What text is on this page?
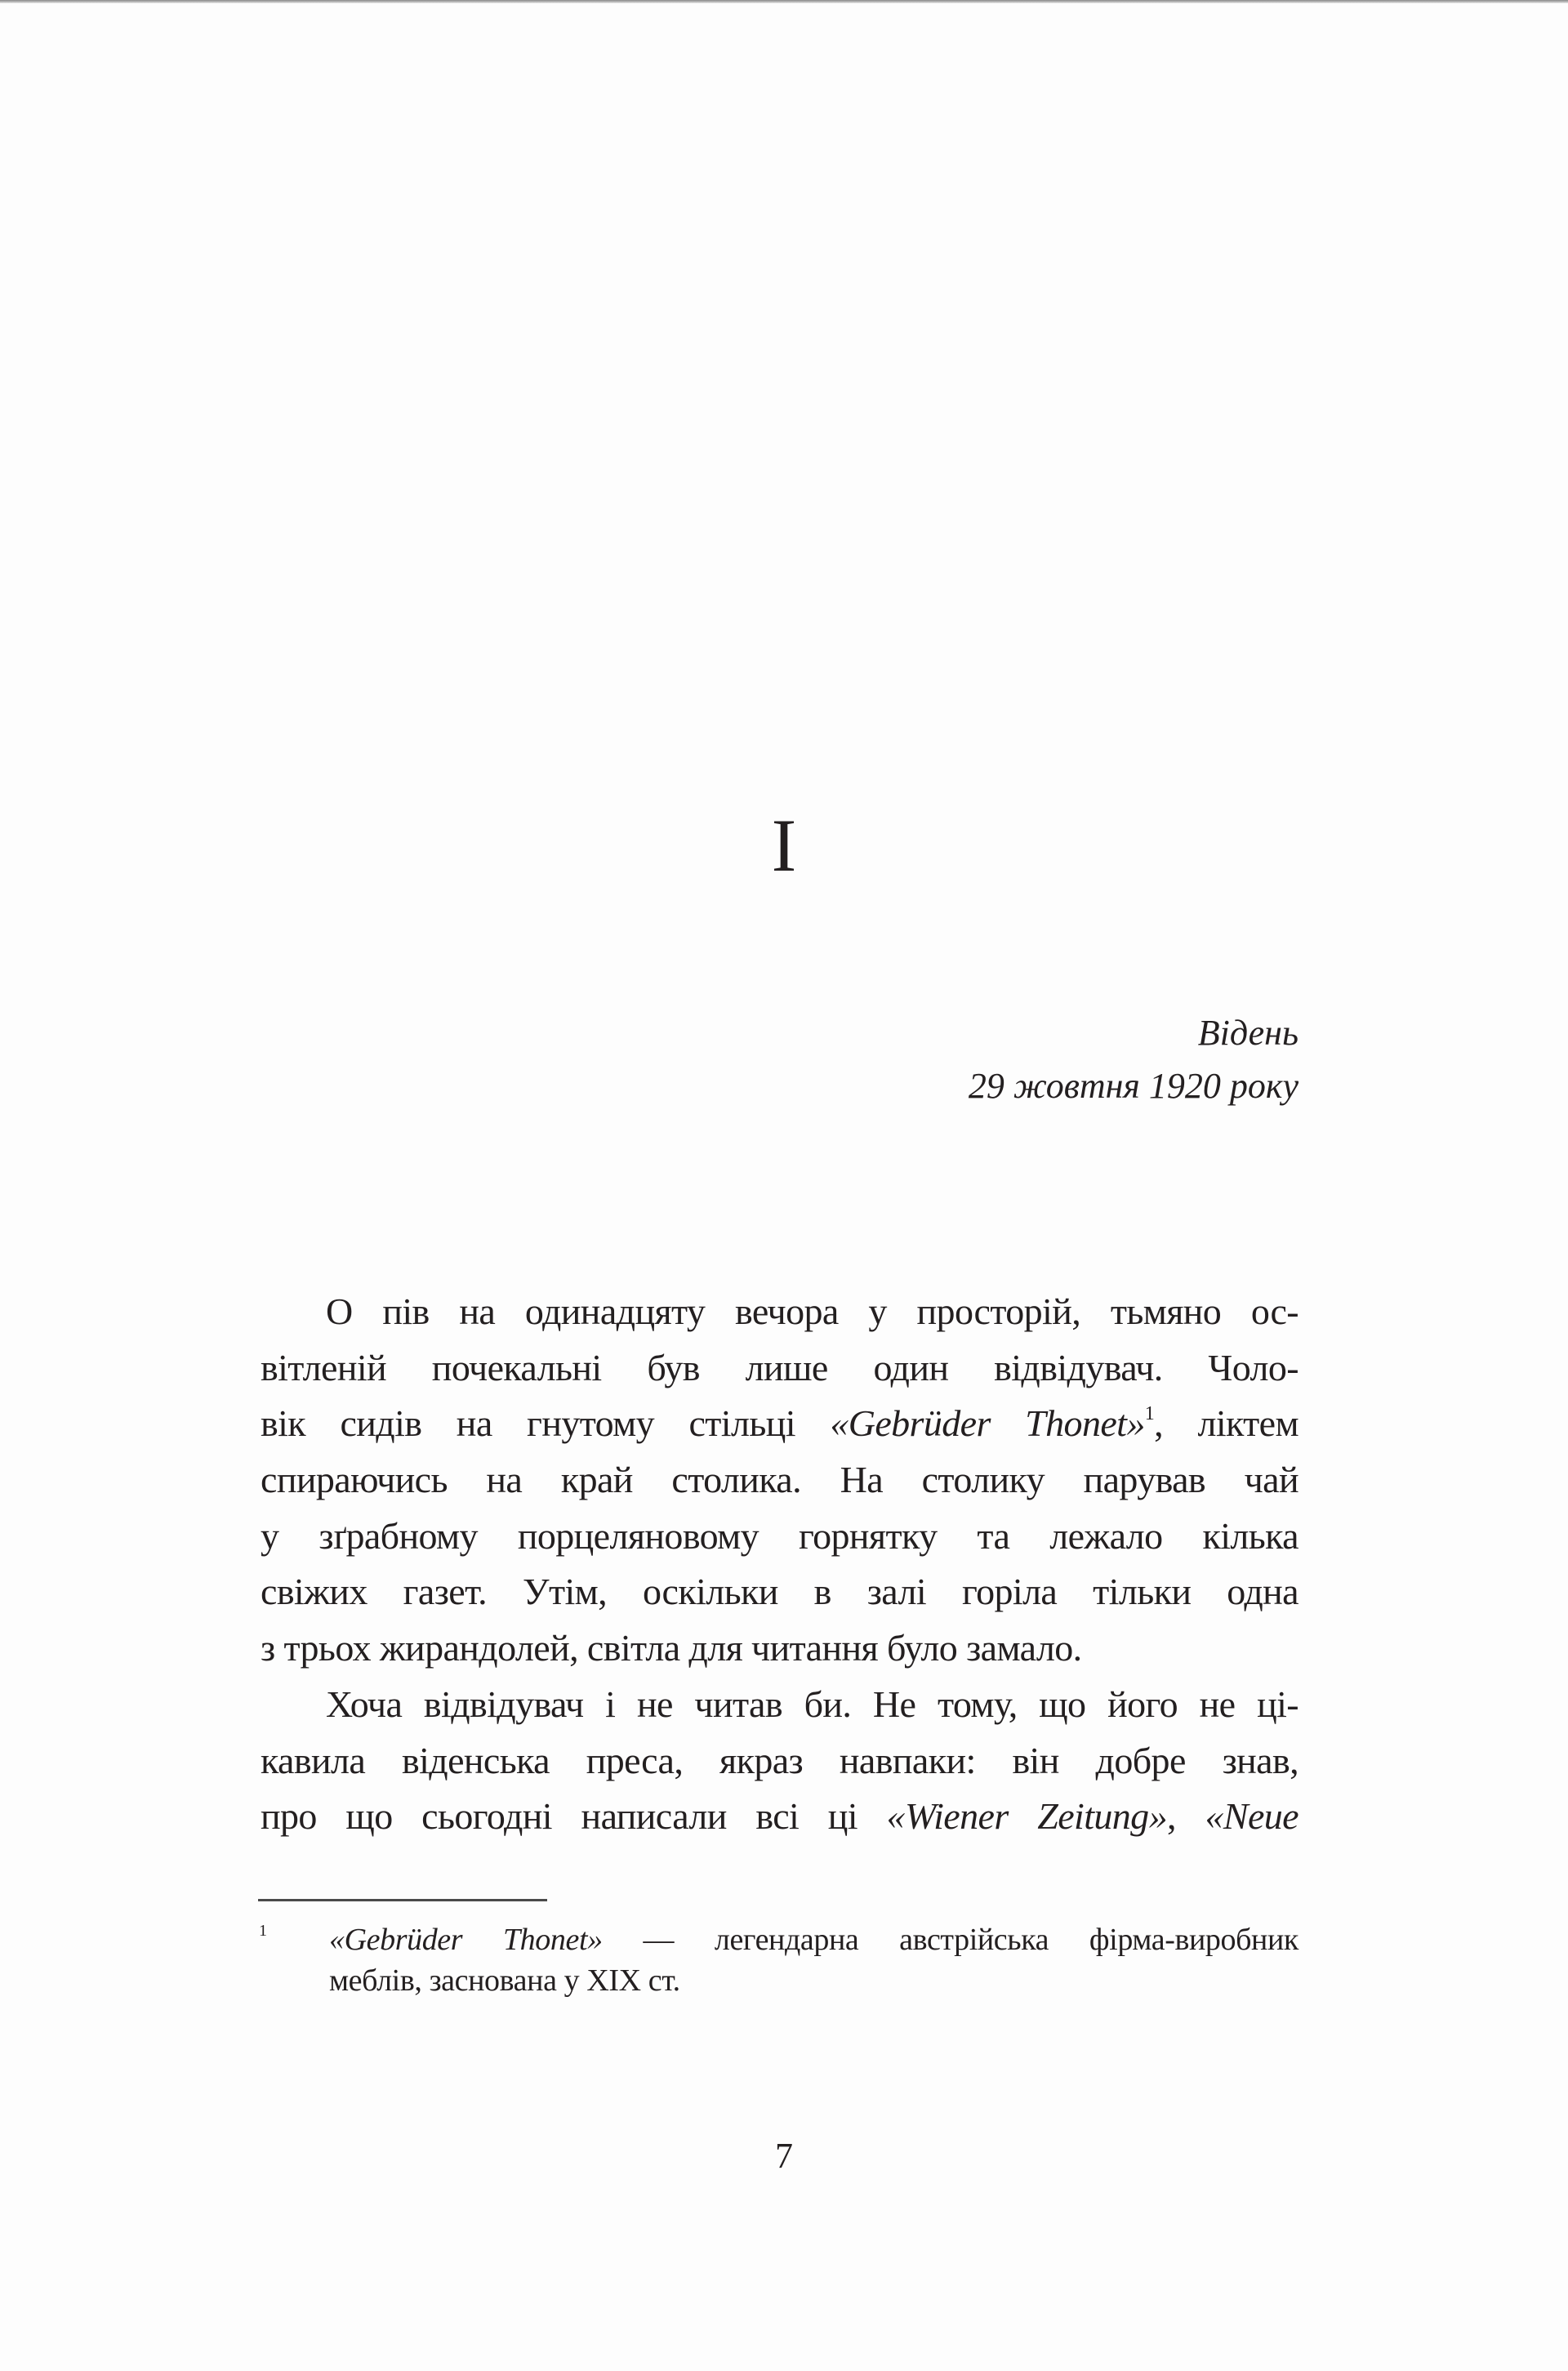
I
Відень
29 жовтня 1920 року
О пів на одинадцяту вечора у просторій, тьмяно ос-
вітленій почекальні був лише один відвідувач. Чоло-
вік сидів на гнутому стільці «Gebrüder Thonet»$^1$, ліктем
спираючись на край столика. На столику парував чай
у зґрабному порцеляновому горнятку та лежало кілька
свіжих газет. Утім, оскільки в залі горіла тільки одна
з трьох жирандолей, світла для читання було замало.
Хоча відвідувач і не читав би. Не тому, що його не ці-
кавила віденська преса, якраз навпаки: він добре знав,
про що сьогодні написали всі ці «Wiener Zeitung», «Neue
1 «Gebrüder Thonet» — легендарна австрійська фірма-виробник
меблів, заснована у XIX ст.
7
